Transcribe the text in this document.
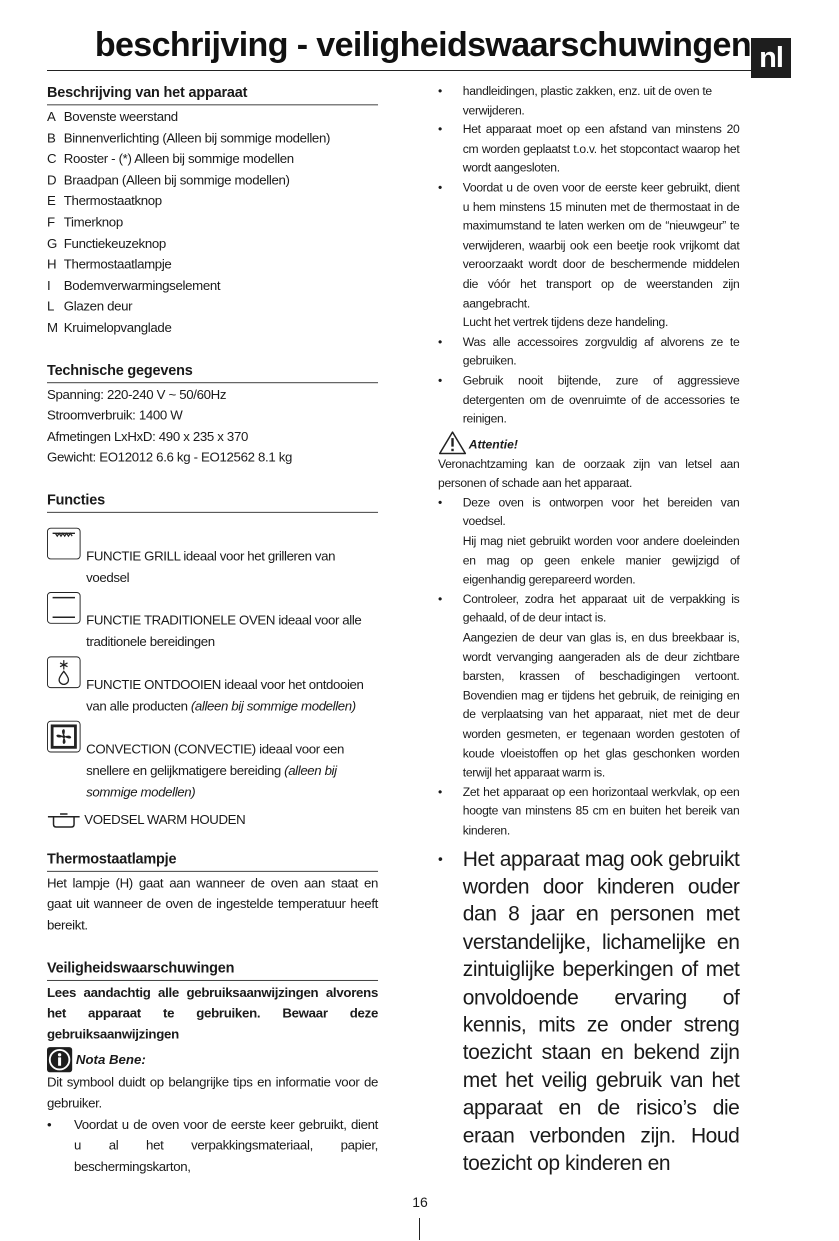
beschrijving - veiligheidswaarschuwingen nl
Beschrijving van het apparaat
A Bovenste weerstand
B Binnenverlichting (Alleen bij sommige modellen)
C Rooster - (*) Alleen bij sommige modellen
D Braadpan (Alleen bij sommige modellen)
E Thermostaatknop
F Timerknop
G Functiekeuzeknop
H Thermostaatlampje
I Bodemverwarmingselement
L Glazen deur
M Kruimelopvanglade
Technische gegevens
Spanning: 220-240 V ~ 50/60Hz
Stroomverbruik: 1400 W
Afmetingen LxHxD: 490 x 235 x 370
Gewicht: EO12012 6.6 kg - EO12562 8.1 kg
Functies
FUNCTIE GRILL ideaal voor het grilleren van voedsel
FUNCTIE TRADITIONELE OVEN ideaal voor alle traditionele bereidingen
FUNCTIE ONTDOOIEN ideaal voor het ontdooien van alle producten (alleen bij sommige modellen)
CONVECTION (CONVECTIE) ideaal voor een snellere en gelijkmatigere bereiding (alleen bij sommige modellen)
VOEDSEL WARM HOUDEN
Thermostaatlampje
Het lampje (H) gaat aan wanneer de oven aan staat en gaat uit wanneer de oven de ingestelde temperatuur heeft bereikt.
Veiligheidswaarschuwingen
Lees aandachtig alle gebruiksaanwijzingen alvorens het apparaat te gebruiken. Bewaar deze gebruiksaanwijzingen
Nota Bene:
Dit symbool duidt op belangrijke tips en informatie voor de gebruiker.
• Voordat u de oven voor de eerste keer gebruikt, dient u al het verpakkingsmateriaal, papier, beschermingskarton,
• handleidingen, plastic zakken, enz. uit de oven te verwijderen.
• Het apparaat moet op een afstand van minstens 20 cm worden geplaatst t.o.v. het stopcontact waarop het wordt aangesloten.
• Voordat u de oven voor de eerste keer gebruikt, dient u hem minstens 15 minuten met de thermostaat in de maximumstand te laten werken om de “nieuwgeur” te verwijderen, waarbij ook een beetje rook vrijkomt dat veroorzaakt wordt door de beschermende middelen die vóór het transport op de weerstanden zijn aangebracht.
Lucht het vertrek tijdens deze handeling.
• Was alle accessoires zorgvuldig af alvorens ze te gebruiken.
• Gebruik nooit bijtende, zure of aggressieve detergenten om de ovenruimte of de accessories te reinigen.
Attentie!
Veronachtzaming kan de oorzaak zijn van letsel aan personen of schade aan het apparaat.
• Deze oven is ontworpen voor het bereiden van voedsel.
Hij mag niet gebruikt worden voor andere doeleinden en mag op geen enkele manier gewijzigd of eigenhandig gerepareerd worden.
• Controleer, zodra het apparaat uit de verpakking is gehaald, of de deur intact is.
Aangezien de deur van glas is, en dus breekbaar is, wordt vervanging aangeraden als de deur zichtbare barsten, krassen of beschadigingen vertoont. Bovendien mag er tijdens het gebruik, de reiniging en de verplaatsing van het apparaat, niet met de deur worden gesmeten, er tegenaan worden gestoten of koude vloeistoffen op het glas geschonken worden terwijl het apparaat warm is.
• Zet het apparaat op een horizontaal werkvlak, op een hoogte van minstens 85 cm en buiten het bereik van kinderen.
• Het apparaat mag ook gebruikt worden door kinderen ouder dan 8 jaar en personen met verstandelijke, lichamelijke en zintuiglijke beperkingen of met onvoldoende ervaring of kennis, mits ze onder streng toezicht staan en bekend zijn met het veilig gebruik van het apparaat en de risico’s die eraan verbonden zijn. Houd toezicht op kinderen en
16
